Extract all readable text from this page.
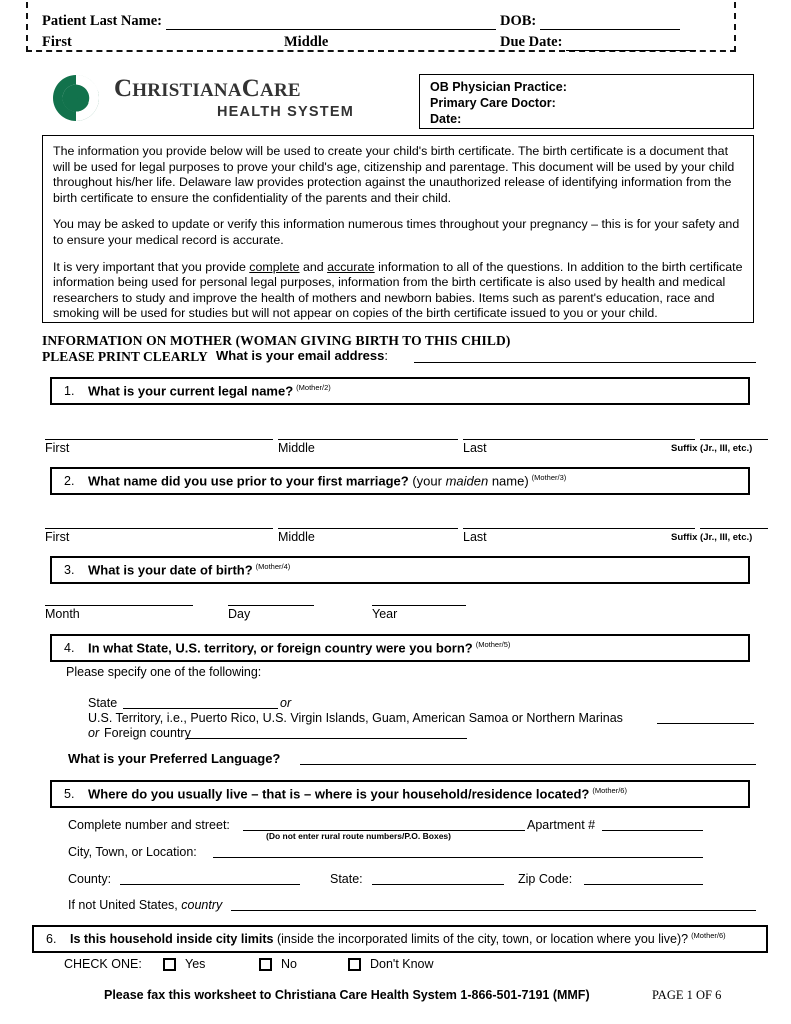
Patient Last Name:	DOB:
First	Middle	Due Date:
CHRISTIANACARE
HEALTH SYSTEM
OB Physician Practice:
Primary Care Doctor:
Date:

The information you provide below will be used to create your child's birth certificate. The birth certificate is a document that will be used for legal purposes to prove your child's age, citizenship and parentage. This document will be used by your child throughout his/her life. Delaware law provides protection against the unauthorized release of identifying information from the birth certificate to ensure the confidentiality of the parents and their child.

You may be asked to update or verify this information numerous times throughout your pregnancy – this is for your safety and to ensure your medical record is accurate.

It is very important that you provide complete and accurate information to all of the questions. In addition to the birth certificate information being used for personal legal purposes, information from the birth certificate is also used by health and medical researchers to study and improve the health of mothers and newborn babies. Items such as parent's education, race and smoking will be used for studies but will not appear on copies of the birth certificate issued to you or your child.

INFORMATION ON MOTHER (WOMAN GIVING BIRTH TO THIS CHILD)
PLEASE PRINT CLEARLY What is your email address:
1.	What is your current legal name? $^{(Mother/2)}$
First	Middle	Last	Suffix (Jr., III, etc.)
2.	What name did you use prior to your first marriage? (your maiden name) $^{(Mother/3)}$
First	Middle	Last	Suffix (Jr., III, etc.)
3.	What is your date of birth? $^{(Mother/4)}$
Month	Day	Year
4.	In what State, U.S. territory, or foreign country were you born? $^{(Mother/5)}$
Please specify one of the following:
State	or
U.S. Territory, i.e., Puerto Rico, U.S. Virgin Islands, Guam, American Samoa or Northern Marinas
or Foreign country
What is your Preferred Language?
5.	Where do you usually live – that is – where is your household/residence located? $^{(Mother/6)}$
Complete number and street:	Apartment #
(Do not enter rural route numbers/P.O. Boxes)
City, Town, or Location:
County:	State:	Zip Code:
If not United States, country
6.	Is this household inside city limits (inside the incorporated limits of the city, town, or location where you live)? $^{(Mother/6)}$
CHECK ONE:	Yes	No	Don't Know
Please fax this worksheet to Christiana Care Health System 1-866-501-7191 (MMF)	PAGE 1 OF 6
